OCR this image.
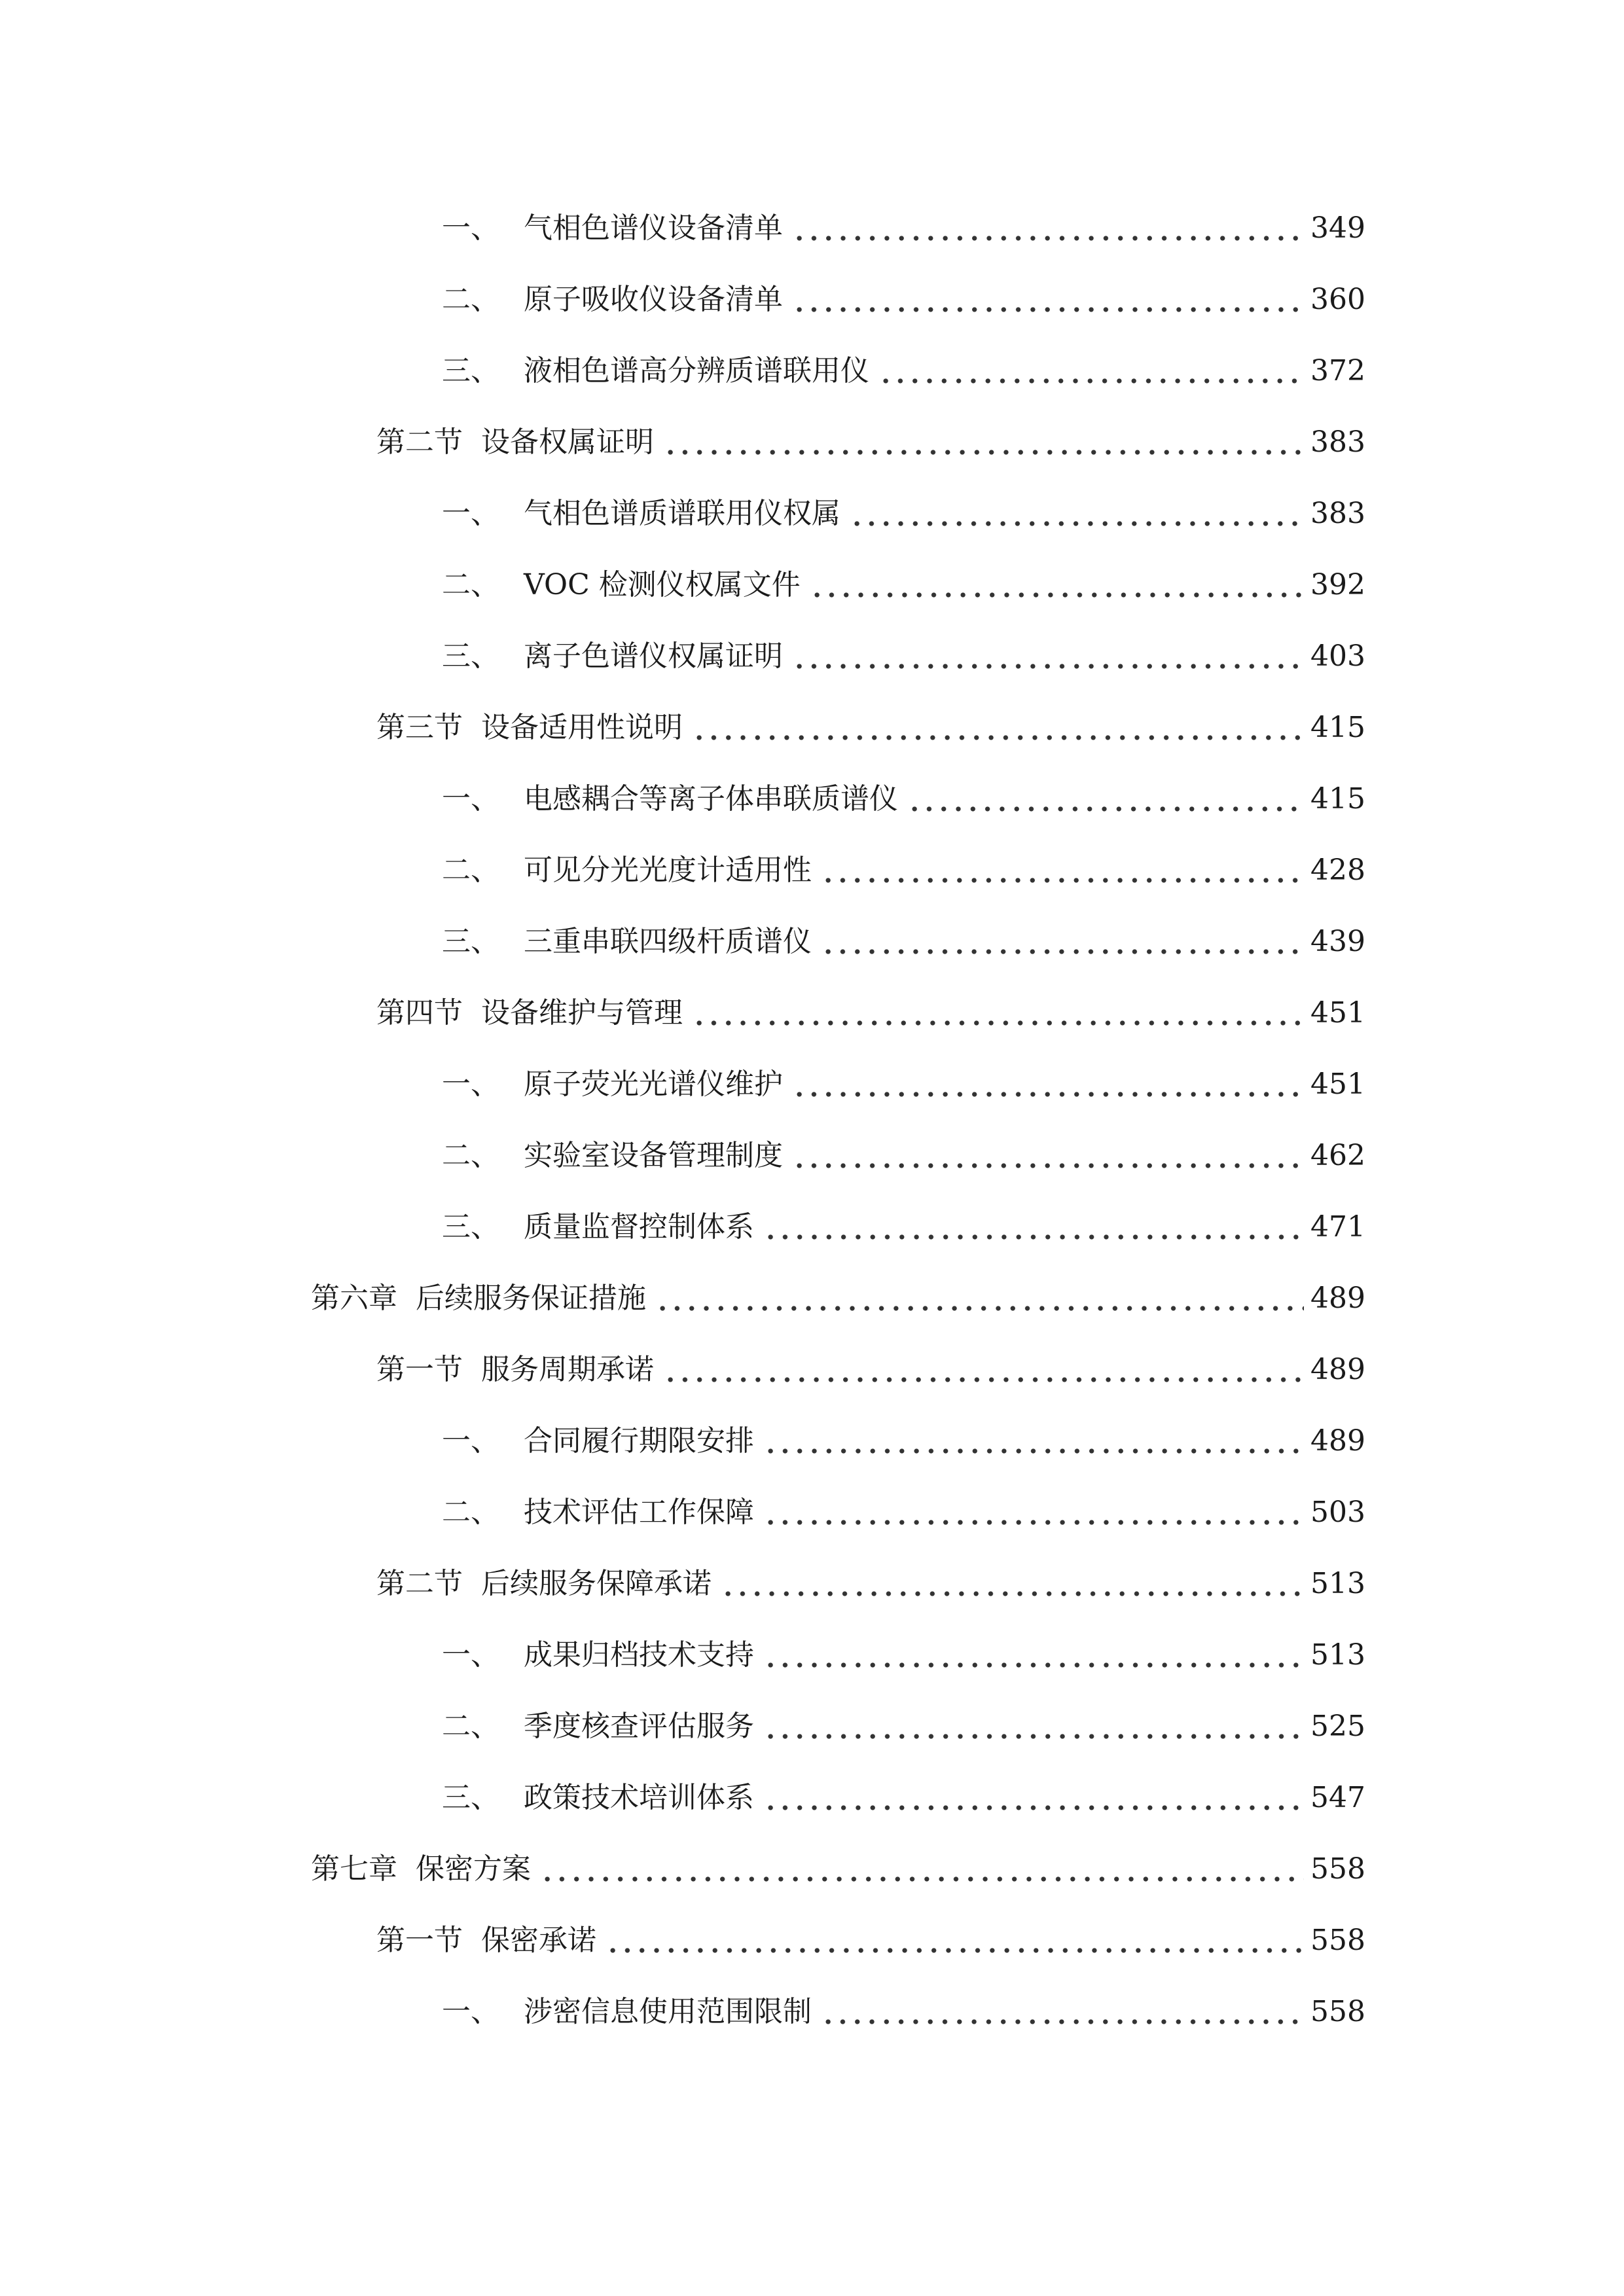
一、 气相色谱仪设备清单	349
二、 原子吸收仪设备清单	360
三、 液相色谱高分辨质谱联用仪	372
第二节 设备权属证明	383
一、 气相色谱质谱联用仪权属	383
二、 VOC 检测仪权属文件	392
三、 离子色谱仪权属证明	403
第三节 设备适用性说明	415
一、 电感耦合等离子体串联质谱仪	415
二、 可见分光光度计适用性	428
三、 三重串联四级杆质谱仪	439
第四节 设备维护与管理	451
一、 原子荧光光谱仪维护	451
二、 实验室设备管理制度	462
三、 质量监督控制体系	471
第六章 后续服务保证措施	489
第一节 服务周期承诺	489
一、 合同履行期限安排	489
二、 技术评估工作保障	503
第二节 后续服务保障承诺	513
一、 成果归档技术支持	513
二、 季度核查评估服务	525
三、 政策技术培训体系	547
第七章 保密方案	558
第一节 保密承诺	558
一、 涉密信息使用范围限制	558
